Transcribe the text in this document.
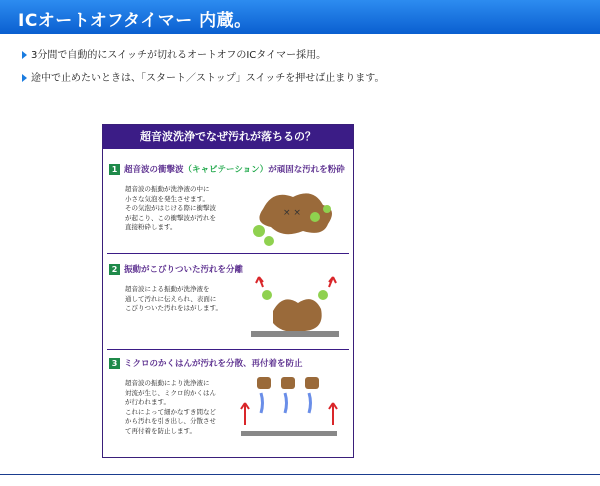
ICオートオフタイマー 内蔵。
3分間で自動的にスイッチが切れるオートオフのICタイマー採用。
途中で止めたいときは、「スタート／ストップ」スイッチを押せば止まります。
超音波洗浄でなぜ汚れが落ちるの？
1 超音波の衝撃波（キャビテーション）が頑固な汚れを粉砕
超音波の振動が洗浄液の中に
小さな気泡を発生させます。
その気泡がはじける際に衝撃波
が起こり、この衝撃波が汚れを
直接粉砕します。
× ×
2 振動がこびりついた汚れを分離
超音波による振動が洗浄液を
通して汚れに伝えられ、表面に
こびりついた汚れをはがします。
3 ミクロのかくはんが汚れを分散、再付着を防止
超音波の振動により洗浄液に
対流が生じ、ミクロ的かくはん
が行われます。
これによって細かなすき間など
から汚れを引き出し、分散させ
て再付着を防止します。
